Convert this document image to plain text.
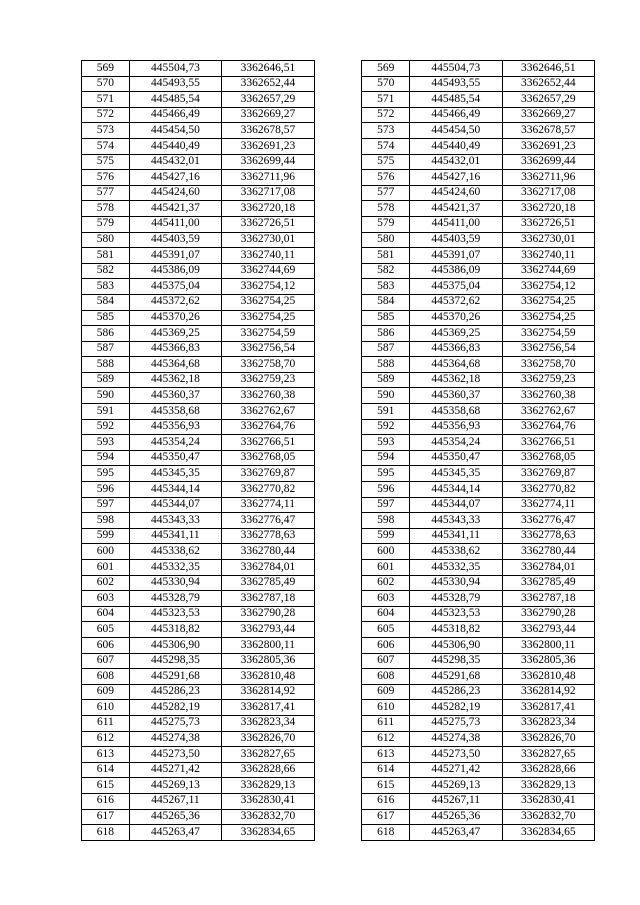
569	445504,73	3362646,51		569	445504,73	3362646,51
570	445493,55	3362652,44		570	445493,55	3362652,44
571	445485,54	3362657,29		571	445485,54	3362657,29
572	445466,49	3362669,27		572	445466,49	3362669,27
573	445454,50	3362678,57		573	445454,50	3362678,57
574	445440,49	3362691,23		574	445440,49	3362691,23
575	445432,01	3362699,44		575	445432,01	3362699,44
576	445427,16	3362711,96		576	445427,16	3362711,96
577	445424,60	3362717,08		577	445424,60	3362717,08
578	445421,37	3362720,18		578	445421,37	3362720,18
579	445411,00	3362726,51		579	445411,00	3362726,51
580	445403,59	3362730,01		580	445403,59	3362730,01
581	445391,07	3362740,11		581	445391,07	3362740,11
582	445386,09	3362744,69		582	445386,09	3362744,69
583	445375,04	3362754,12		583	445375,04	3362754,12
584	445372,62	3362754,25		584	445372,62	3362754,25
585	445370,26	3362754,25		585	445370,26	3362754,25
586	445369,25	3362754,59		586	445369,25	3362754,59
587	445366,83	3362756,54		587	445366,83	3362756,54
588	445364,68	3362758,70		588	445364,68	3362758,70
589	445362,18	3362759,23		589	445362,18	3362759,23
590	445360,37	3362760,38		590	445360,37	3362760,38
591	445358,68	3362762,67		591	445358,68	3362762,67
592	445356,93	3362764,76		592	445356,93	3362764,76
593	445354,24	3362766,51		593	445354,24	3362766,51
594	445350,47	3362768,05		594	445350,47	3362768,05
595	445345,35	3362769,87		595	445345,35	3362769,87
596	445344,14	3362770,82		596	445344,14	3362770,82
597	445344,07	3362774,11		597	445344,07	3362774,11
598	445343,33	3362776,47		598	445343,33	3362776,47
599	445341,11	3362778,63		599	445341,11	3362778,63
600	445338,62	3362780,44		600	445338,62	3362780,44
601	445332,35	3362784,01		601	445332,35	3362784,01
602	445330,94	3362785,49		602	445330,94	3362785,49
603	445328,79	3362787,18		603	445328,79	3362787,18
604	445323,53	3362790,28		604	445323,53	3362790,28
605	445318,82	3362793,44		605	445318,82	3362793,44
606	445306,90	3362800,11		606	445306,90	3362800,11
607	445298,35	3362805,36		607	445298,35	3362805,36
608	445291,68	3362810,48		608	445291,68	3362810,48
609	445286,23	3362814,92		609	445286,23	3362814,92
610	445282,19	3362817,41		610	445282,19	3362817,41
611	445275,73	3362823,34		611	445275,73	3362823,34
612	445274,38	3362826,70		612	445274,38	3362826,70
613	445273,50	3362827,65		613	445273,50	3362827,65
614	445271,42	3362828,66		614	445271,42	3362828,66
615	445269,13	3362829,13		615	445269,13	3362829,13
616	445267,11	3362830,41		616	445267,11	3362830,41
617	445265,36	3362832,70		617	445265,36	3362832,70
618	445263,47	3362834,65		618	445263,47	3362834,65
